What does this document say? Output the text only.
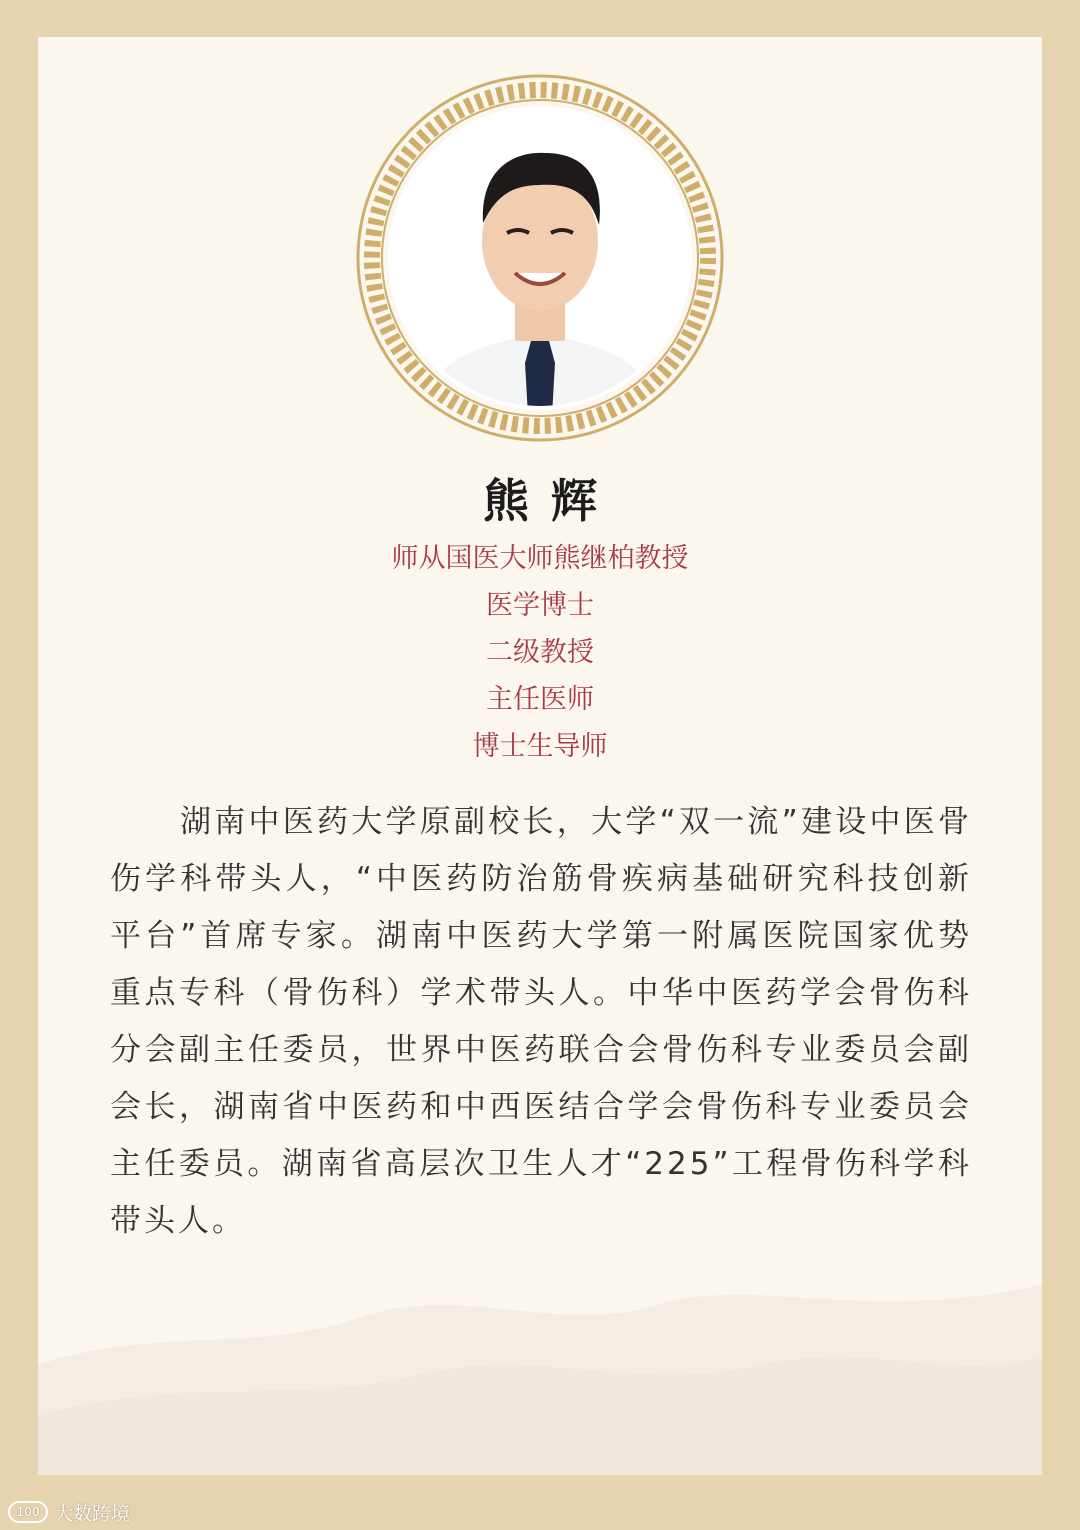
熊辉
师从国医大师熊继柏教授
医学博士
二级教授
主任医师
博士生导师

湖南中医药大学原副校长，大学“双一流”建设中医骨伤学科带头人，“中医药防治筋骨疾病基础研究科技创新平台”首席专家。湖南中医药大学第一附属医院国家优势重点专科（骨伤科）学术带头人。中华中医药学会骨伤科分会副主任委员，世界中医药联合会骨伤科专业委员会副会长，湖南省中医药和中西医结合学会骨伤科专业委员会主任委员。湖南省高层次卫生人才“225”工程骨伤科学科带头人。

100 大数跨境
